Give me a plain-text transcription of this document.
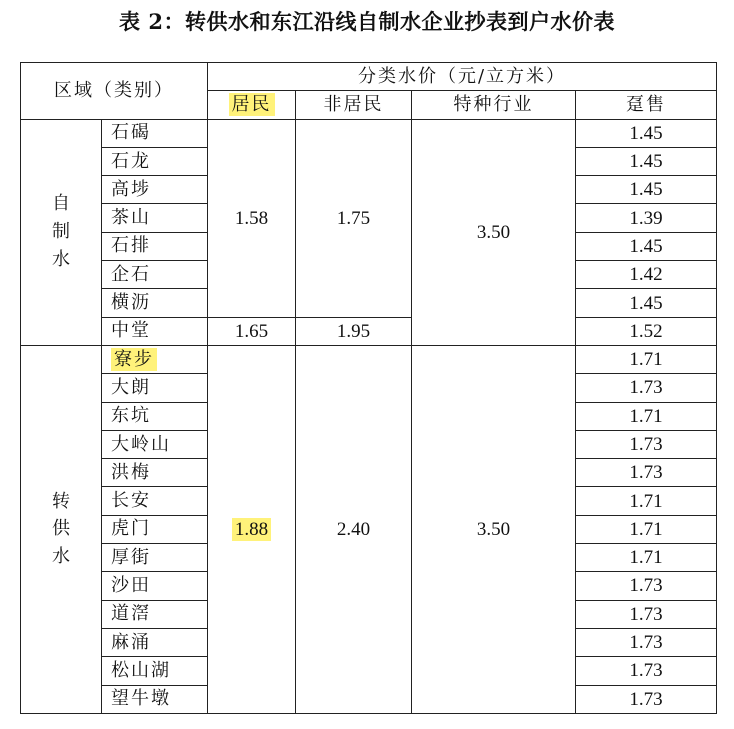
表 2：转供水和东江沿线自制水企业抄表到户水价表
区域（类别）		分类水价（元/立方米）			
		居民	非居民	特种行业	趸售

自
制
水	石碣	1.58	1.75	3.50	1.45
	石龙				1.45
	高埗				1.45
	茶山				1.39
	石排				1.45
	企石				1.42
	横沥				1.45
	中堂	1.65	1.95		1.52

转
供
水	寮步	1.88	2.40	3.50	1.71
	大朗				1.73
	东坑				1.71
	大岭山				1.73
	洪梅				1.73
	长安				1.71
	虎门				1.71
	厚街				1.71
	沙田				1.73
	道滘				1.73
	麻涌				1.73
	松山湖				1.73
	望牛墩				1.73
